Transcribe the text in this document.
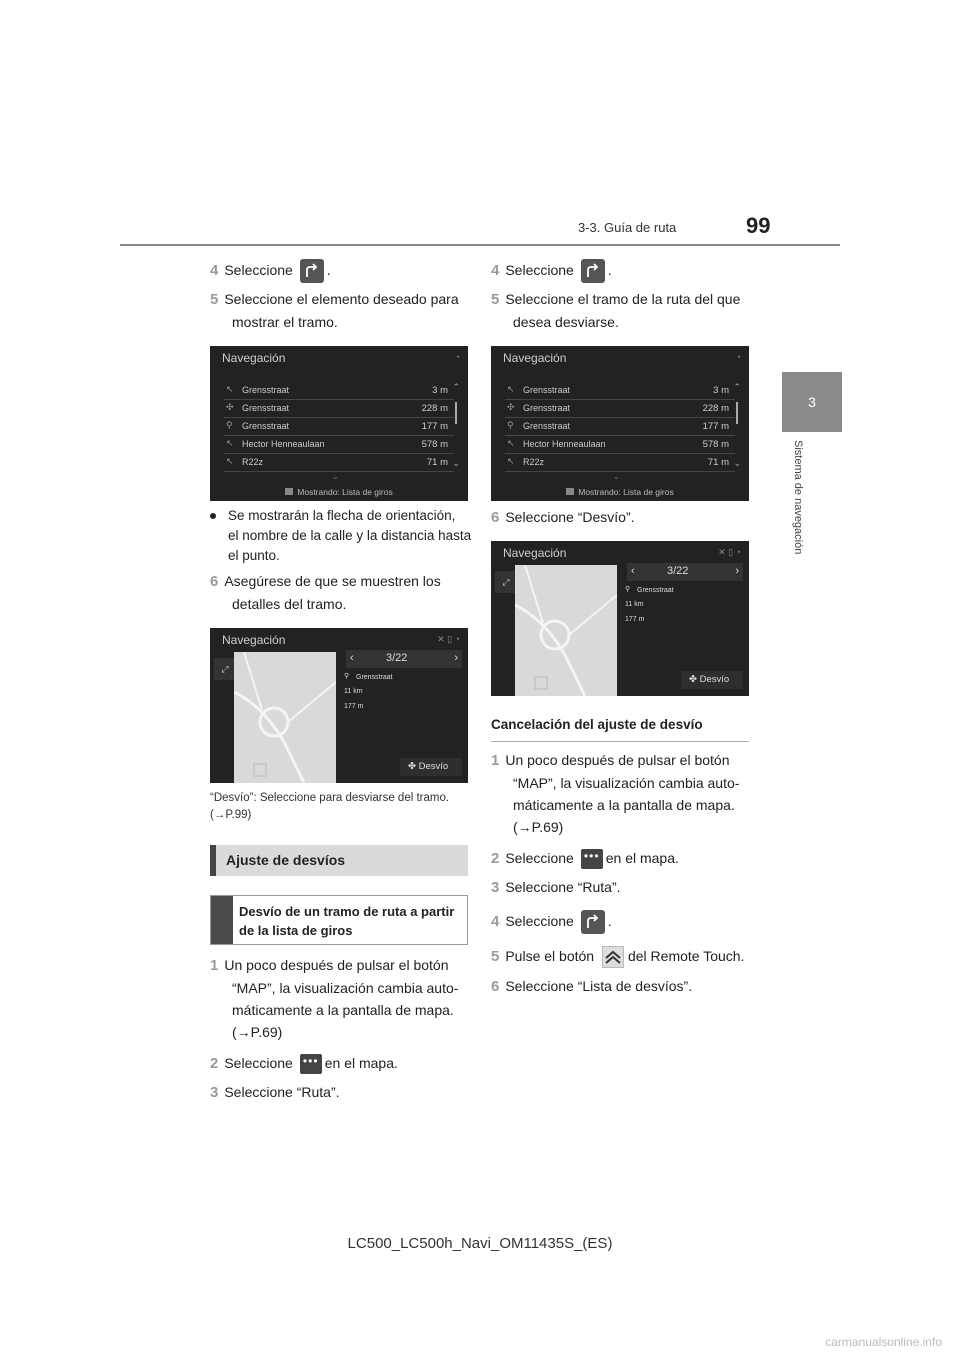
3-3. Guía de ruta	99
3
Sistema de navegación
4 Seleccione .
5 Seleccione el elemento deseado para
mostrar el tramo.
Navegación	◔
↖ Grensstraat	3 m
✣ Grensstraat	228 m
⚲ Grensstraat	177 m
↖ Hector Henneaulaan	578 m
↖ R22z	71 m
⌃
⌄
⌄
Mostrando: Lista de giros
Se mostrarán la flecha de orientación,
el nombre de la calle y la distancia hasta
el punto.
6 Asegúrese de que se muestren los
detalles del tramo.
Navegación	✕ ▯ ◔
⤢
‹	3/22	›
⚲ Grensstraat
11 km
177 m
✤ Desvío
“Desvío”: Seleccione para desviarse del tramo.
(→P.99)
Ajuste de desvíos
Desvío de un tramo de ruta a partir
de la lista de giros
1 Un poco después de pulsar el botón
“MAP”, la visualización cambia auto-
máticamente a la pantalla de mapa.
(→P.69)
2 Seleccione ••• en el mapa.
3 Seleccione “Ruta”.
4 Seleccione .
5 Seleccione el tramo de la ruta del que
desea desviarse.
Navegación	◔
↖ Grensstraat	3 m
✣ Grensstraat	228 m
⚲ Grensstraat	177 m
↖ Hector Henneaulaan	578 m
↖ R22z	71 m
⌃
⌄
⌄
Mostrando: Lista de giros
6 Seleccione “Desvío”.
Navegación	✕ ▯ ◔
⤢
‹	3/22	›
⚲ Grensstraat
11 km
177 m
✤ Desvío
Cancelación del ajuste de desvío
1 Un poco después de pulsar el botón
“MAP”, la visualización cambia auto-
máticamente a la pantalla de mapa.
(→P.69)
2 Seleccione ••• en el mapa.
3 Seleccione “Ruta”.
4 Seleccione .
5 Pulse el botón del Remote Touch.
6 Seleccione “Lista de desvíos”.
LC500_LC500h_Navi_OM11435S_(ES)
carmanualsonline.info
